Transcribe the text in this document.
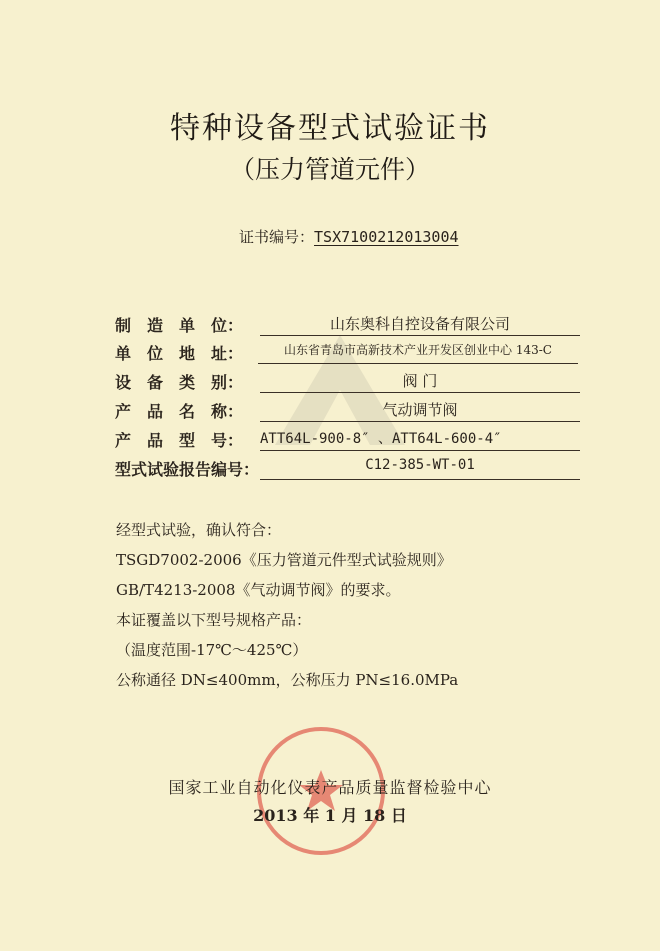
特种设备型式试验证书
（压力管道元件）
证书编号：TSX7100212013004
制 造 单 位：	山东奥科自控设备有限公司
单 位 地 址：	山东省青岛市高新技术产业开发区创业中心 143-C
设 备 类 别：	阀 门
产 品 名 称：	气动调节阀
产 品 型 号： ATT64L-900-8″ 、ATT64L-600-4″
型式试验报告编号：	C12-385-WT-01
经型式试验，确认符合：
TSGD7002-2006《压力管道元件型式试验规则》
GB/T4213-2008《气动调节阀》的要求。
本证覆盖以下型号规格产品：
（温度范围-17℃～425℃）
公称通径 DN≤400mm，公称压力 PN≤16.0MPa
国家工业自动化仪表产品质量监督检验中心
2013 年 1 月 18 日
